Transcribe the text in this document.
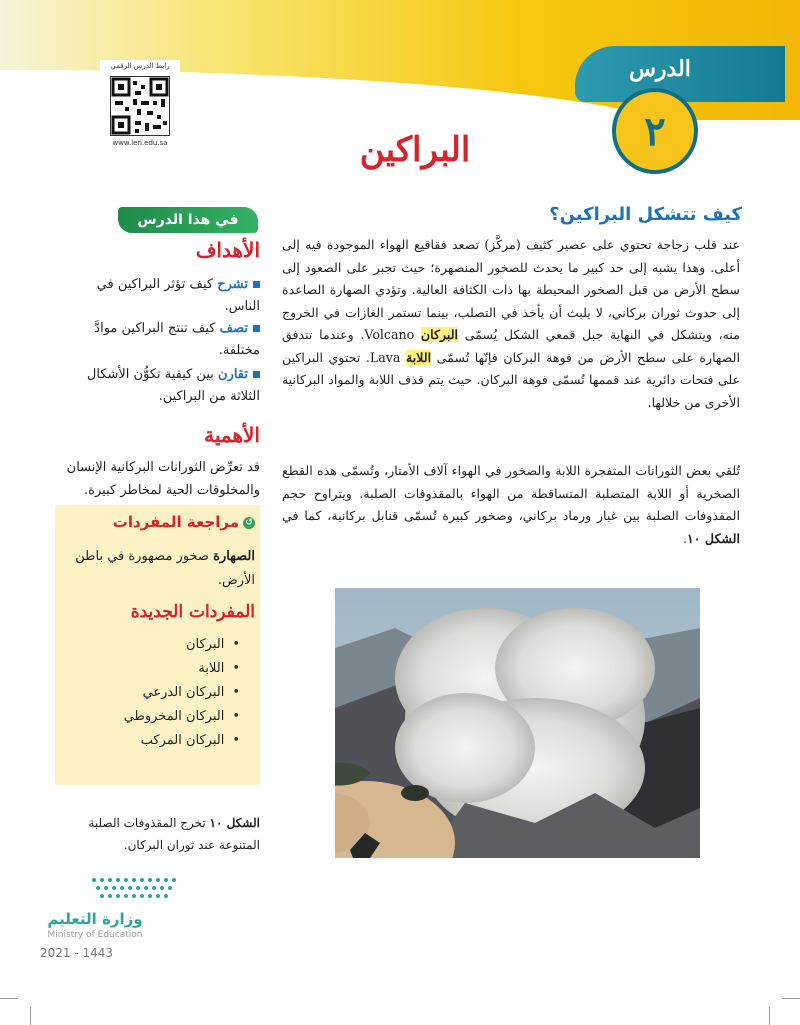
الدرس
٢
البراكين
رابط الدرس الرقمي
www.ien.edu.sa
في هذا الدرس
الأهداف
تشرح كيف تؤثر البراكين في الناس.
تصف كيف تنتج البراكين موادَّ مختلفة.
تقارن بين كيفية تكوُّن الأشكال الثلاثة من البراكين.
الأهمية
قد تعرِّض الثورانات البركانية الإنسان والمخلوقات الحية لمخاطر كبيرة.
↺مراجعة المفردات
الصهارة صخور مصهورة في باطن الأرض.
المفردات الجديدة
• البركان
• اللابة
• البركان الدرعي
• البركان المخروطي
• البركان المركب
الشكل ١٠ تخرج المقذوفات الصلبة المتنوعة عند ثوران البركان.
وزارة التعليم
Ministry of Education
2021 - 1443
كيف تتشكل البراكين؟
عند قلب زجاجة تحتوي على عصير كثيف (مركَّز) تصعد فقاقيع الهواء الموجودة فيه إلى أعلى. وهذا يشبه إلى حد كبير ما يحدث للصخور المنصهرة؛ حيث تجبر على الصعود إلى سطح الأرض من قبل الصخور المحيطة بها ذات الكثافة العالية. وتؤدي الصهارة الصاعدة إلى حدوث ثوران بركاني، لا يلبث أن يأخذ في التصلب، بينما تستمر الغازات في الخروج منه، ويتشكل في النهاية جبل قمعي الشكل يُسمّى البركان Volcano. وعندما تتدفق الصهارة على سطح الأرض من فوهة البركان فإنّها تُسمّى اللابة Lava. تحتوي البراكين على فتحات دائرية عند قممها تُسمّى فوهة البركان. حيث يتم قذف اللابة والمواد البركانية الأخرى من خلالها.
تُلقي بعض الثورانات المتفجرة اللابة والصخور في الهواء آلاف الأمتار، وتُسمّى هذه القطع الصخرية أو اللابة المتصلبة المتساقطة من الهواء بالمقذوفات الصلبة. ويتراوح حجم المقذوفات الصلبة بين غبار ورماد بركاني، وصخور كبيرة تُسمّى قنابل بركانية، كما في الشكل ١٠.
